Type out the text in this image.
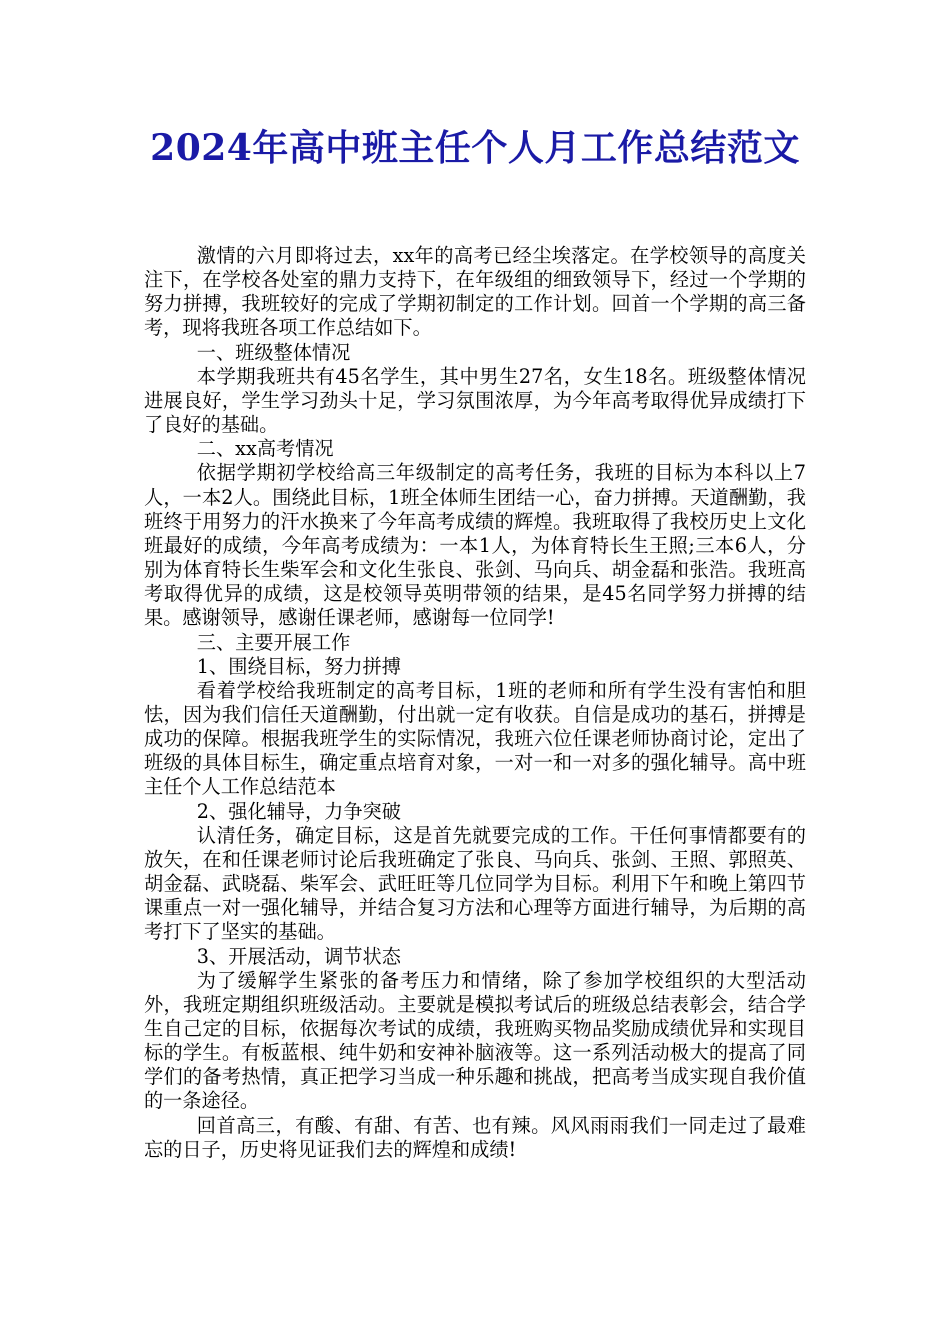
2024年高中班主任个人月工作总结范文

激情的六月即将过去，xx年的高考已经尘埃落定。在学校领导的高度关注下，在学校各处室的鼎力支持下，在年级组的细致领导下，经过一个学期的努力拼搏，我班较好的完成了学期初制定的工作计划。回首一个学期的高三备考，现将我班各项工作总结如下。

一、班级整体情况

本学期我班共有45名学生，其中男生27名，女生18名。班级整体情况进展良好，学生学习劲头十足，学习氛围浓厚，为今年高考取得优异成绩打下了良好的基础。

二、xx高考情况

依据学期初学校给高三年级制定的高考任务，我班的目标为本科以上7人，一本2人。围绕此目标，1班全体师生团结一心，奋力拼搏。天道酬勤，我班终于用努力的汗水换来了今年高考成绩的辉煌。我班取得了我校历史上文化班最好的成绩，今年高考成绩为：一本1人，为体育特长生王照;三本6人，分别为体育特长生柴军会和文化生张良、张剑、马向兵、胡金磊和张浩。我班高考取得优异的成绩，这是校领导英明带领的结果，是45名同学努力拼搏的结果。感谢领导，感谢任课老师，感谢每一位同学!

三、主要开展工作

1、围绕目标，努力拼搏

看着学校给我班制定的高考目标，1班的老师和所有学生没有害怕和胆怯，因为我们信任天道酬勤，付出就一定有收获。自信是成功的基石，拼搏是成功的保障。根据我班学生的实际情况，我班六位任课老师协商讨论，定出了班级的具体目标生，确定重点培育对象，一对一和一对多的强化辅导。高中班主任个人工作总结范本

2、强化辅导，力争突破

认清任务，确定目标，这是首先就要完成的工作。干任何事情都要有的放矢，在和任课老师讨论后我班确定了张良、马向兵、张剑、王照、郭照英、胡金磊、武晓磊、柴军会、武旺旺等几位同学为目标。利用下午和晚上第四节课重点一对一强化辅导，并结合复习方法和心理等方面进行辅导，为后期的高考打下了坚实的基础。

3、开展活动，调节状态

为了缓解学生紧张的备考压力和情绪，除了参加学校组织的大型活动外，我班定期组织班级活动。主要就是模拟考试后的班级总结表彰会，结合学生自己定的目标，依据每次考试的成绩，我班购买物品奖励成绩优异和实现目标的学生。有板蓝根、纯牛奶和安神补脑液等。这一系列活动极大的提高了同学们的备考热情，真正把学习当成一种乐趣和挑战，把高考当成实现自我价值的一条途径。

回首高三，有酸、有甜、有苦、也有辣。风风雨雨我们一同走过了最难忘的日子，历史将见证我们去的辉煌和成绩!
